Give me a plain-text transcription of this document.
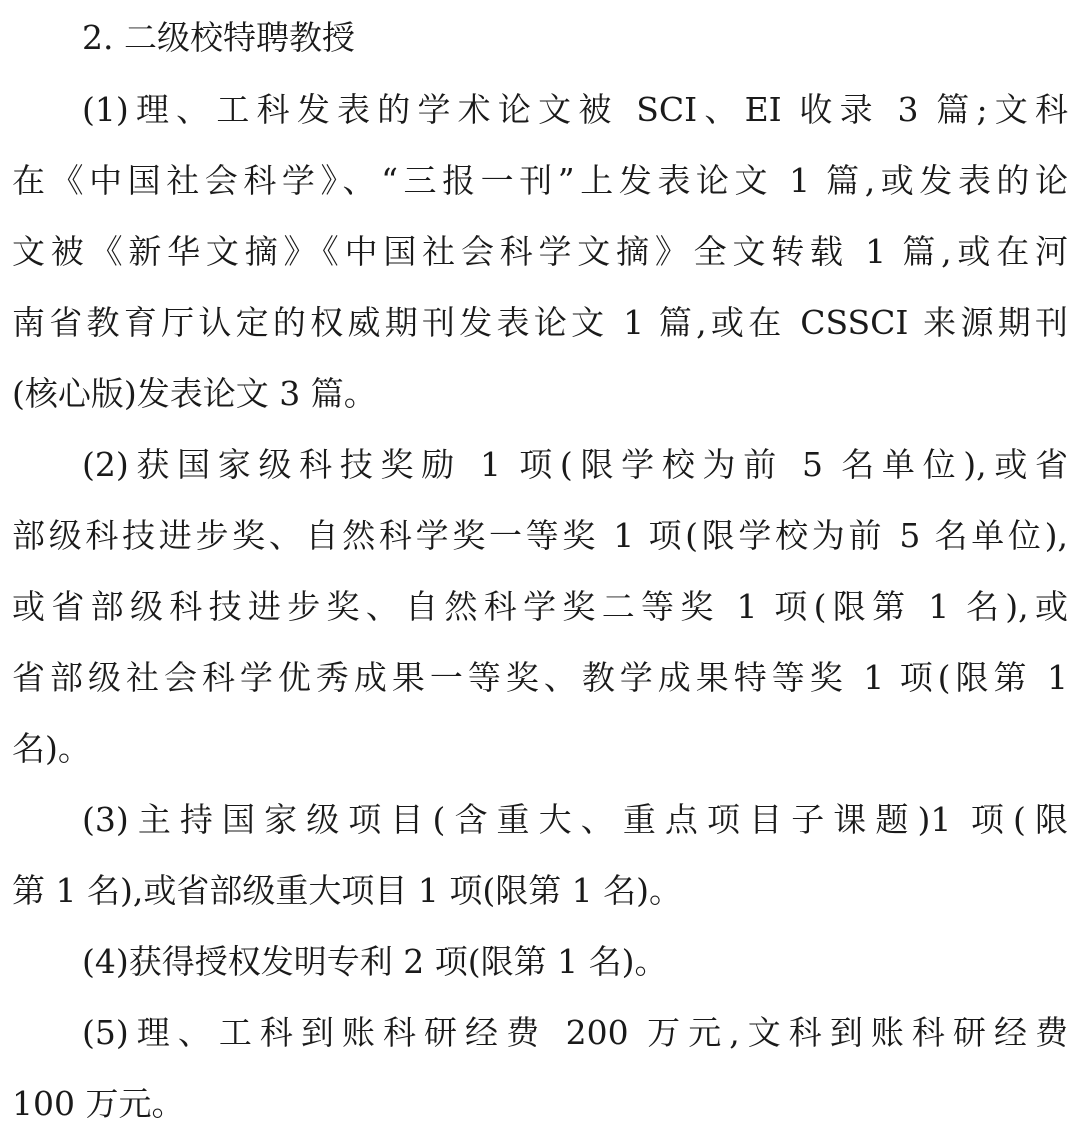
2. 二级校特聘教授
(1)理、工科发表的学术论文被 SCI、EI 收录 3 篇;文科
在《中国社会科学》、“三报一刊”上发表论文 1 篇,或发表的论
文被《新华文摘》《中国社会科学文摘》全文转载 1 篇,或在河
南省教育厅认定的权威期刊发表论文 1 篇,或在 CSSCI 来源期刊
(核心版)发表论文 3 篇。
(2)获国家级科技奖励 1 项(限学校为前 5 名单位),或省
部级科技进步奖、自然科学奖一等奖 1 项(限学校为前 5 名单位),
或省部级科技进步奖、自然科学奖二等奖 1 项(限第 1 名),或
省部级社会科学优秀成果一等奖、教学成果特等奖 1 项(限第 1
名)。
(3)主持国家级项目(含重大、重点项目子课题)1 项(限
第 1 名),或省部级重大项目 1 项(限第 1 名)。
(4)获得授权发明专利 2 项(限第 1 名)。
(5)理、工科到账科研经费 200 万元,文科到账科研经费
100 万元。
